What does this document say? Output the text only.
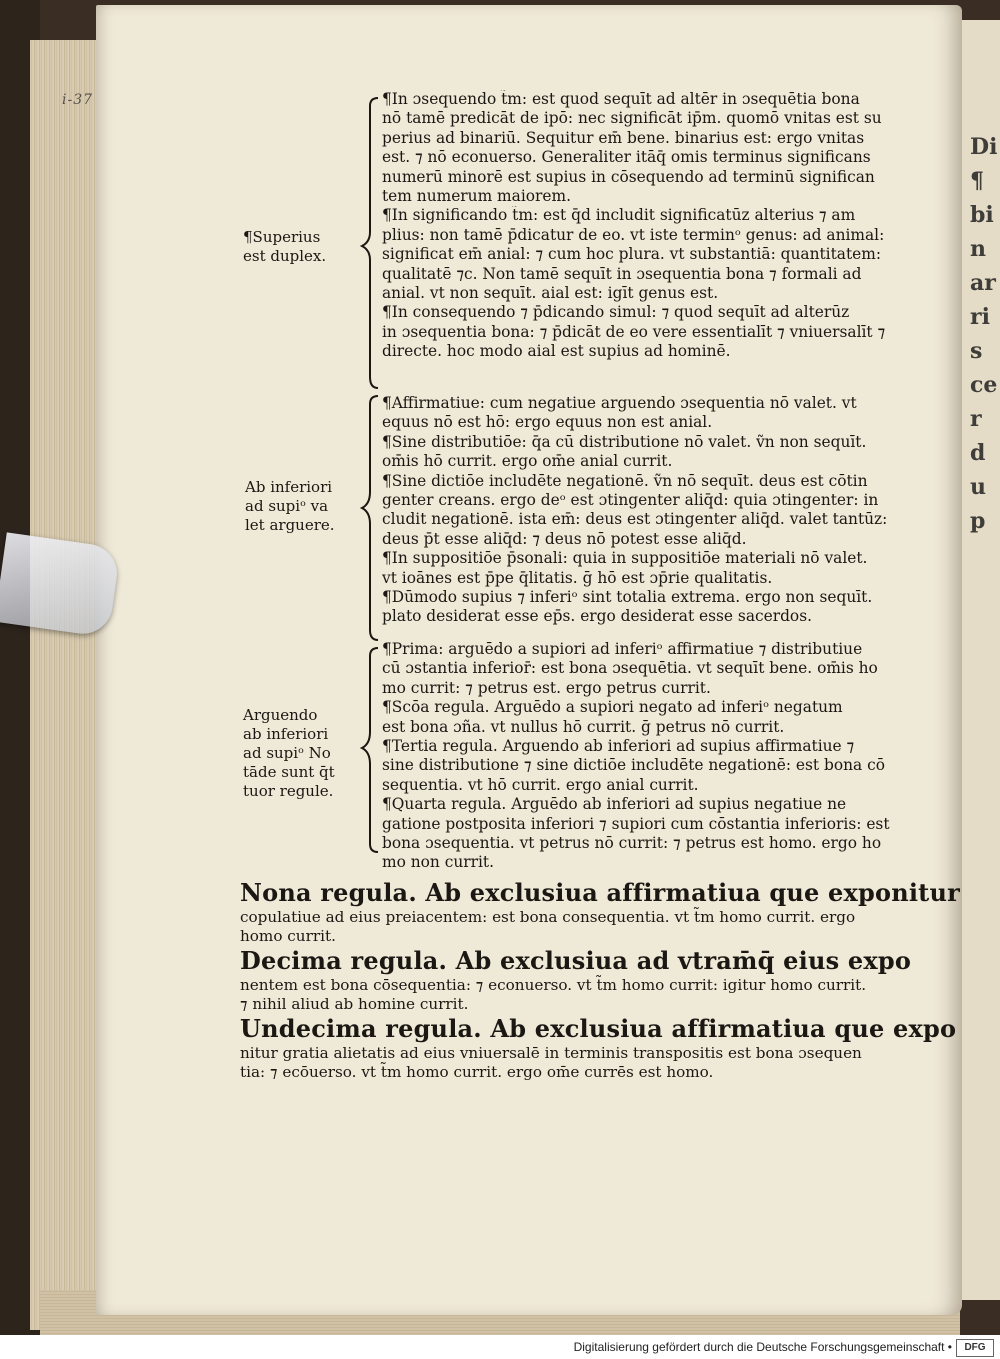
Di ¶ binar ris cer dup
i-37
¶Superius
est duplex.
Ab inferiori
ad supiᵒ va
let arguere.
Arguendo
ab inferiori
ad supiᵒ No
tāde sunt q̄t
tuor regule.
¶In ɔsequendo t̃m: est quod sequīt ad altēr in ɔsequētia bona
nō tamē predicāt de ipō: nec significāt ip̄m. quomō vnitas est su
perius ad binariū. Sequitur em̄ bene. binarius est: ergo vnitas
est. ⁊ nō econuerso. Generaliter itāq̄ omis terminus significans
numerū minorē est supius in cōsequendo ad terminū significan
tem numerum maiorem.
¶In significando t̃m: est q̄d includit significatūz alterius ⁊ am
plius: non tamē p̄dicatur de eo. vt iste terminᵒ genus: ad animal:
significat em̄ anial: ⁊ cum hoc plura. vt substantiā: quantitatem:
qualitatē ⁊c. Non tamē sequīt in ɔsequentia bona ⁊ formali ad
anial. vt non sequīt. aial est: igīt genus est.
¶In consequendo ⁊ p̄dicando simul: ⁊ quod sequīt ad alterūz
in ɔsequentia bona: ⁊ p̄dicāt de eo vere essentialīt ⁊ vniuersalīt ⁊
directe. hoc modo aial est supius ad hominē.
¶Affirmatiue: cum negatiue arguendo ɔsequentia nō valet. vt
equus nō est hō: ergo equus non est anial.
¶Sine distributiōe: q̄a cū distributione nō valet. ṽn non sequīt.
om̄is hō currit. ergo om̄e anial currit.
¶Sine dictiōe includēte negationē. ṽn nō sequīt. deus est cōtin
genter creans. ergo deᵒ est ɔtingenter aliq̄d: quia ɔtingenter: in
cludit negationē. ista em̄: deus est ɔtingenter aliq̄d. valet tantūz:
deus p̄t esse aliq̄d: ⁊ deus nō potest esse aliq̄d.
¶In suppositiōe p̄sonali: quia in suppositiōe materiali nō valet.
vt ioānes est p̄pe q̄litatis. ḡ hō est ɔp̄rie qualitatis.
¶Dūmodo supius ⁊ inferiᵒ sint totalia extrema. ergo non sequīt.
plato desiderat esse ep̄s. ergo desiderat esse sacerdos.
¶Prima: arguēdo a supiori ad inferiᵒ affirmatiue ⁊ distributiue
cū ɔstantia inferior̄: est bona ɔsequētia. vt sequīt bene. om̄is ho
mo currit: ⁊ petrus est. ergo petrus currit.
¶Scōa regula. Arguēdo a supiori negato ad inferiᵒ negatum
est bona ɔña. vt nullus hō currit. ḡ petrus nō currit.
¶Tertia regula. Arguendo ab inferiori ad supius affirmatiue ⁊
sine distributione ⁊ sine dictiōe includēte negationē: est bona cō
sequentia. vt hō currit. ergo anial currit.
¶Quarta regula. Arguēdo ab inferiori ad supius negatiue ne
gatione postposita inferiori ⁊ supiori cum cōstantia inferioris: est
bona ɔsequentia. vt petrus nō currit: ⁊ petrus est homo. ergo ho
mo non currit.
Nona regula. Ab exclusiua affirmatiua que exponitur
copulatiue ad eius preiacentem: est bona consequentia. vt t̃m homo currit. ergo
homo currit.
Decima regula. Ab exclusiua ad vtram̄q̄ eius expo
nentem est bona cōsequentia: ⁊ econuerso. vt t̃m homo currit: igitur homo currit.
⁊ nihil aliud ab homine currit.
Undecima regula. Ab exclusiua affirmatiua que expo
nitur gratia alietatis ad eius vniuersalē in terminis transpositis est bona ɔsequen
tia: ⁊ ecōuerso. vt t̃m homo currit. ergo om̄e currēs est homo.
Digitalisierung gefördert durch die Deutsche Forschungsgemeinschaft •	DFG
